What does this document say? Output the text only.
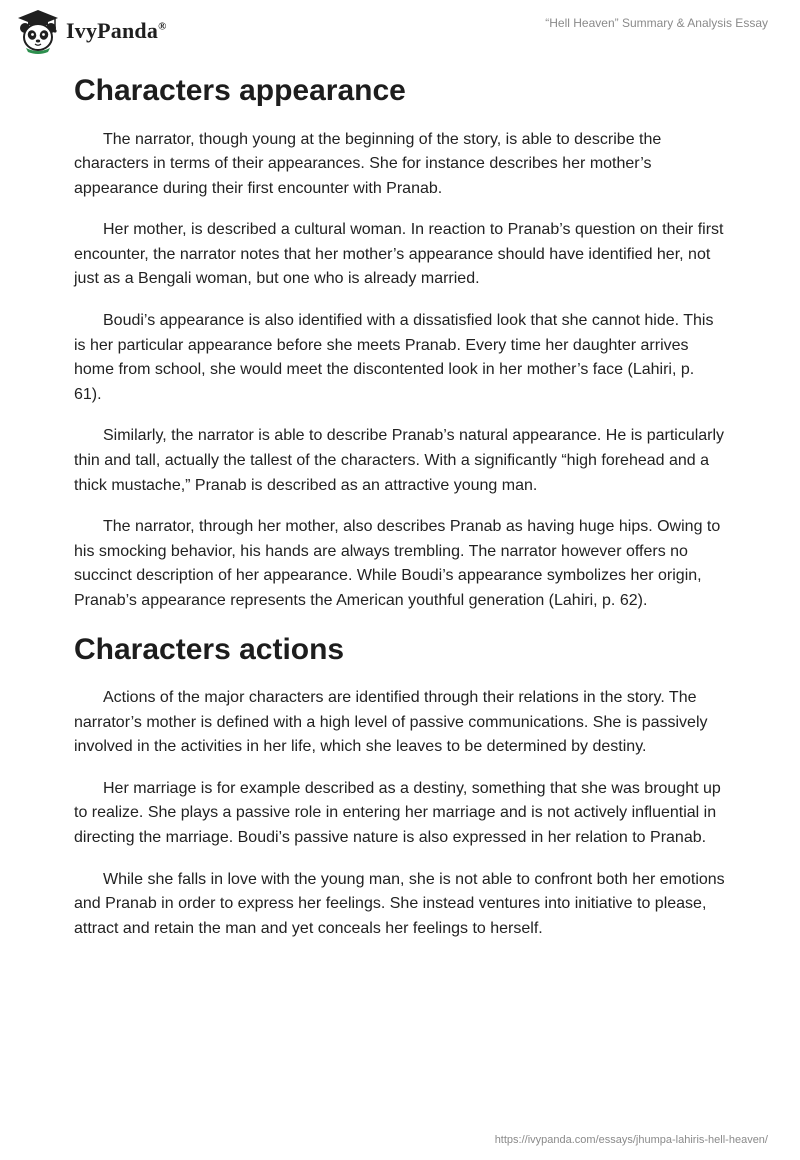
IvyPanda®	“Hell Heaven” Summary & Analysis Essay
Characters appearance

The narrator, though young at the beginning of the story, is able to describe the characters in terms of their appearances. She for instance describes her mother’s appearance during their first encounter with Pranab.

Her mother, is described a cultural woman. In reaction to Pranab’s question on their first encounter, the narrator notes that her mother’s appearance should have identified her, not just as a Bengali woman, but one who is already married.

Boudi’s appearance is also identified with a dissatisfied look that she cannot hide. This is her particular appearance before she meets Pranab. Every time her daughter arrives home from school, she would meet the discontented look in her mother’s face (Lahiri, p. 61).

Similarly, the narrator is able to describe Pranab’s natural appearance. He is particularly thin and tall, actually the tallest of the characters. With a significantly “high forehead and a thick mustache,” Pranab is described as an attractive young man.

The narrator, through her mother, also describes Pranab as having huge hips. Owing to his smocking behavior, his hands are always trembling. The narrator however offers no succinct description of her appearance. While Boudi’s appearance symbolizes her origin, Pranab’s appearance represents the American youthful generation (Lahiri, p. 62).

Characters actions

Actions of the major characters are identified through their relations in the story. The narrator’s mother is defined with a high level of passive communications. She is passively involved in the activities in her life, which she leaves to be determined by destiny.

Her marriage is for example described as a destiny, something that she was brought up to realize. She plays a passive role in entering her marriage and is not actively influential in directing the marriage. Boudi’s passive nature is also expressed in her relation to Pranab.

While she falls in love with the young man, she is not able to confront both her emotions and Pranab in order to express her feelings. She instead ventures into initiative to please, attract and retain the man and yet conceals her feelings to herself.

https://ivypanda.com/essays/jhumpa-lahiris-hell-heaven/
